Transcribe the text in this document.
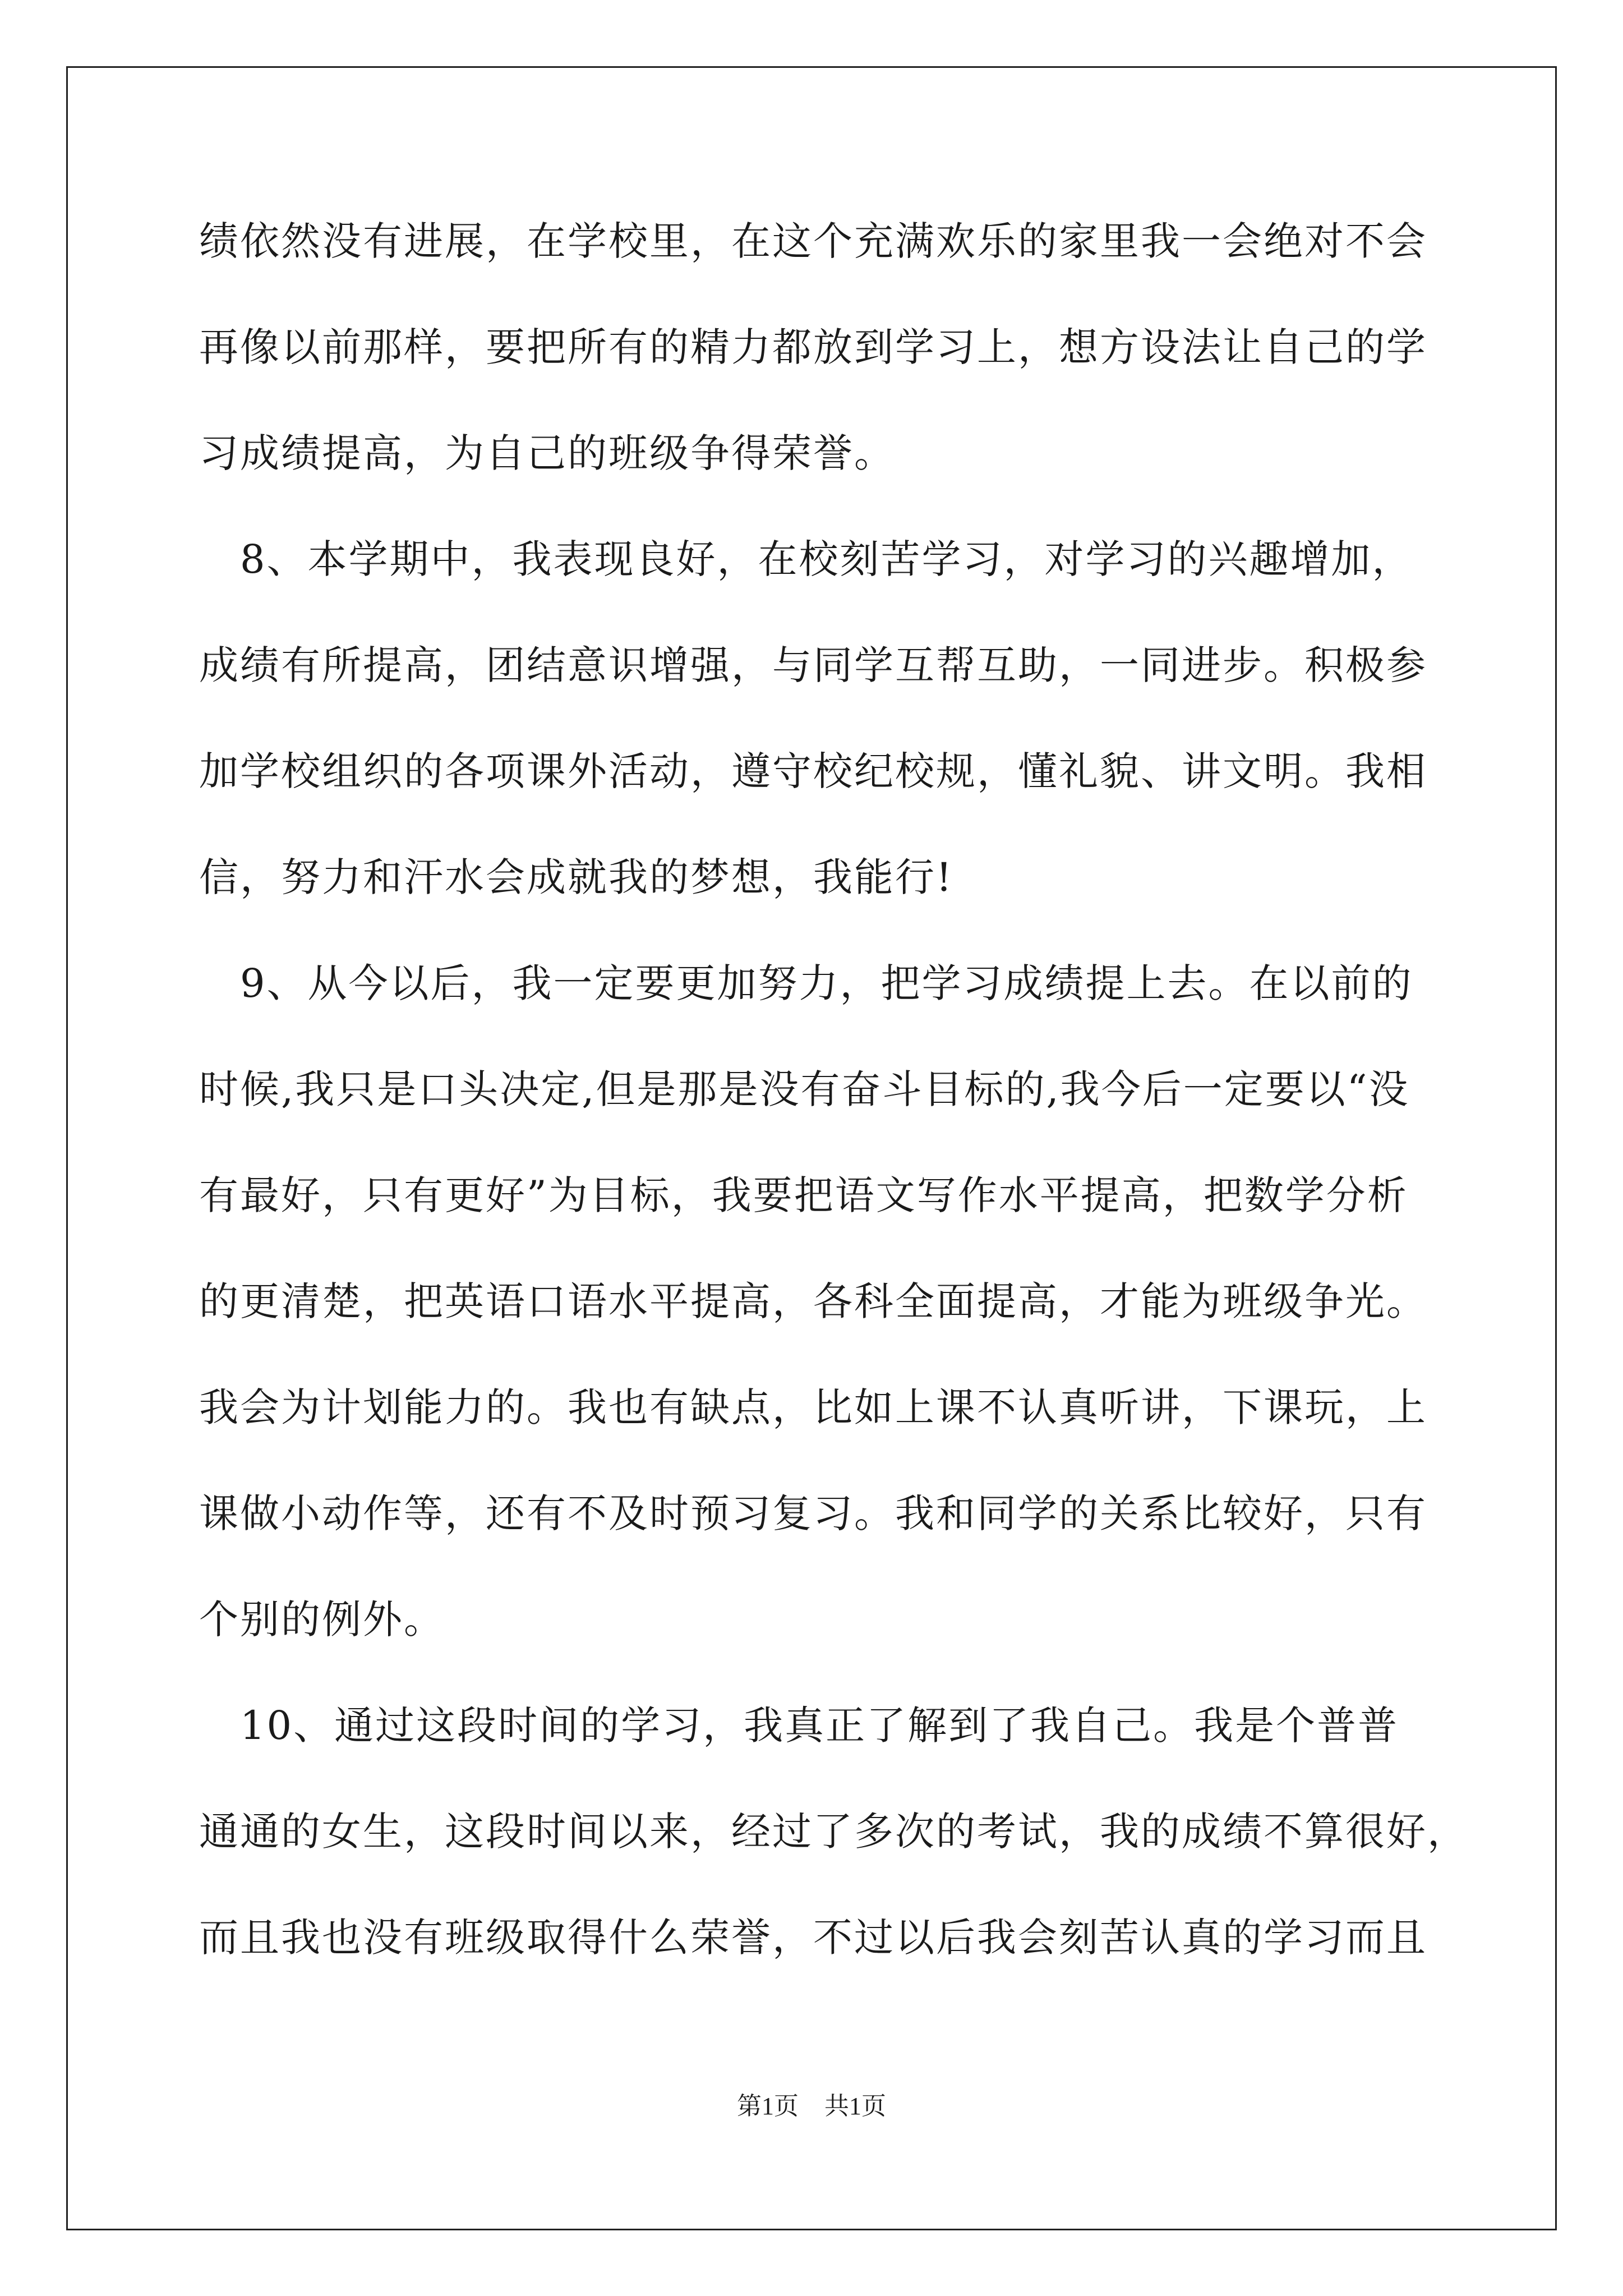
绩依然没有进展，在学校里，在这个充满欢乐的家里我一会绝对不会
再像以前那样，要把所有的精力都放到学习上，想方设法让自己的学
习成绩提高，为自己的班级争得荣誉。
　8、本学期中，我表现良好，在校刻苦学习，对学习的兴趣增加，
成绩有所提高，团结意识增强，与同学互帮互助，一同进步。积极参
加学校组织的各项课外活动，遵守校纪校规，懂礼貌、讲文明。我相
信，努力和汗水会成就我的梦想，我能行!
　9、从今以后，我一定要更加努力，把学习成绩提上去。在以前的
时候,我只是口头决定,但是那是没有奋斗目标的,我今后一定要以“没
有最好，只有更好”为目标，我要把语文写作水平提高，把数学分析
的更清楚，把英语口语水平提高，各科全面提高，才能为班级争光。
我会为计划能力的。我也有缺点，比如上课不认真听讲，下课玩，上
课做小动作等，还有不及时预习复习。我和同学的关系比较好，只有
个别的例外。
　10、通过这段时间的学习，我真正了解到了我自己。我是个普普
通通的女生，这段时间以来，经过了多次的考试，我的成绩不算很好，
而且我也没有班级取得什么荣誉，不过以后我会刻苦认真的学习而且
第1页 共1页
